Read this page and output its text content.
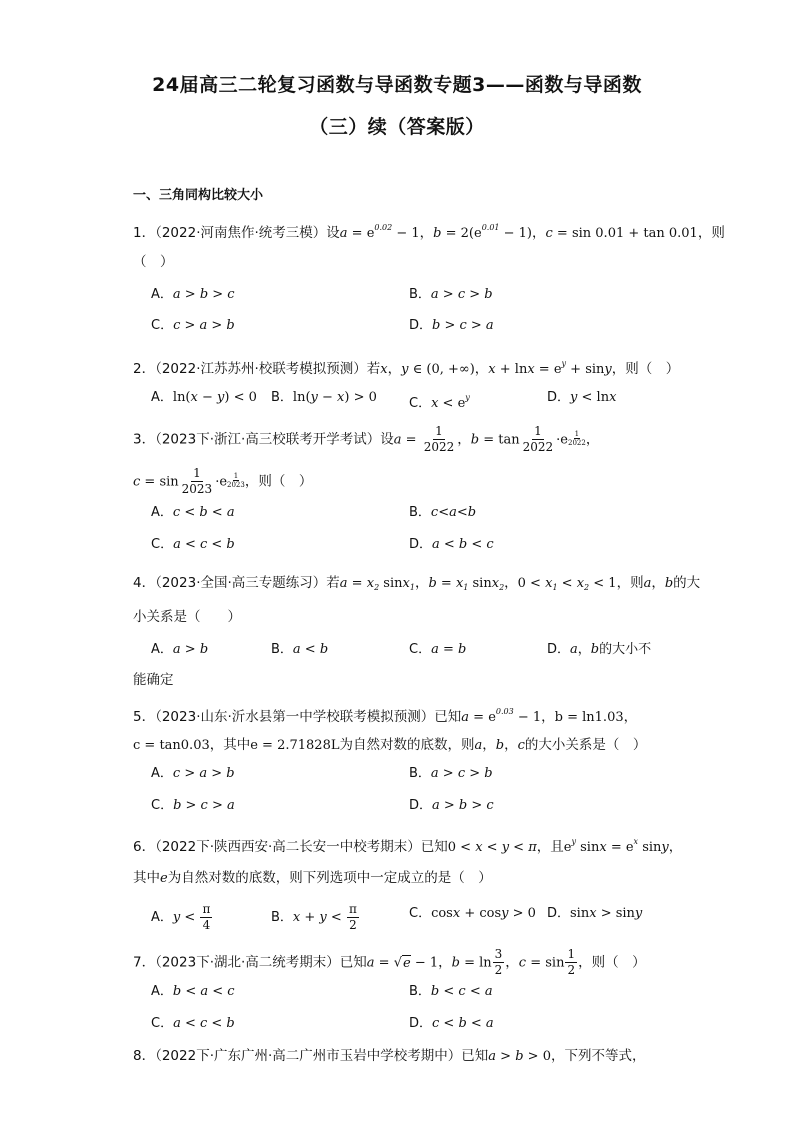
24届高三二轮复习函数与导函数专题3——函数与导函数
（三）续（答案版）
一、三角同构比较大小
1．（2022·河南焦作·统考三模）设$a = e^{0.02} - 1$，$b = 2(e^{0.01} - 1)$，c = sin 0.01 + tan 0.01，则
（　）
A．a > b > c	B．a > c > b
C．c > a > b	D．b > c > a
2．（2022·江苏苏州·校联考模拟预测）若x，y ∈ (0, +∞)，$x + \ln x = e^y + \sin y$，则（　）
A．ln(x − y) < 0 B．ln(y − x) > 0 C．$x < e^y$	D．y < lnx
3．（2023下·浙江·高三校联考开学考试）设$a = \frac{1}{2022}$ ，$b = \tan \frac{1}{2022} \cdot e \frac{1}{2022}$ ，
$c = \sin \frac{1}{2023} \cdot e \frac{1}{2023}$ ，则（　）
A．c < b < a	B．c<a<b
C．a < c < b	D．a < b < c
4．（2023·全国·高三专题练习）若$a = x_2$ sinx$_1$，$b = x_1$ sinx$_2$，$0 < x_1 < x_2 < 1$，则a，b的大
小关系是（　　）
A．a > b	B．a < b	C．a = b	D．a，b的大小不
能确定
5．（2023·山东·沂水县第一中学校联考模拟预测）已知$a = e^{0.03} - 1$，b = ln1.03，
c = tan0.03，其中e = 2.71828L为自然对数的底数，则a，b，c的大小关系是（　）
A．c > a > b	B．a > c > b
C．b > c > a	D．a > b > c
6．（2022下·陕西西安·高二长安一中校考期末）已知0 < x < y < π，且$e^y$ $\sin x = e^x$ siny，
其中e为自然对数的底数，则下列选项中一定成立的是（　）
A．$y < \frac{\pi}{4}$	B．$x + y < \frac{\pi}{2}$	C．cosx + cosy > 0 D．sinx > siny
7．（2023下·湖北·高二统考期末）已知a = √e − 1，$b = \ln \frac{3}{2}$ ，$c = \sin \frac{1}{2}$ ，则（　）
A．b < a < c	B．b < c < a
C．a < c < b	D．c < b < a
8．（2022下·广东广州·高二广州市玉岩中学校考期中）已知a > b > 0，下列不等式，
